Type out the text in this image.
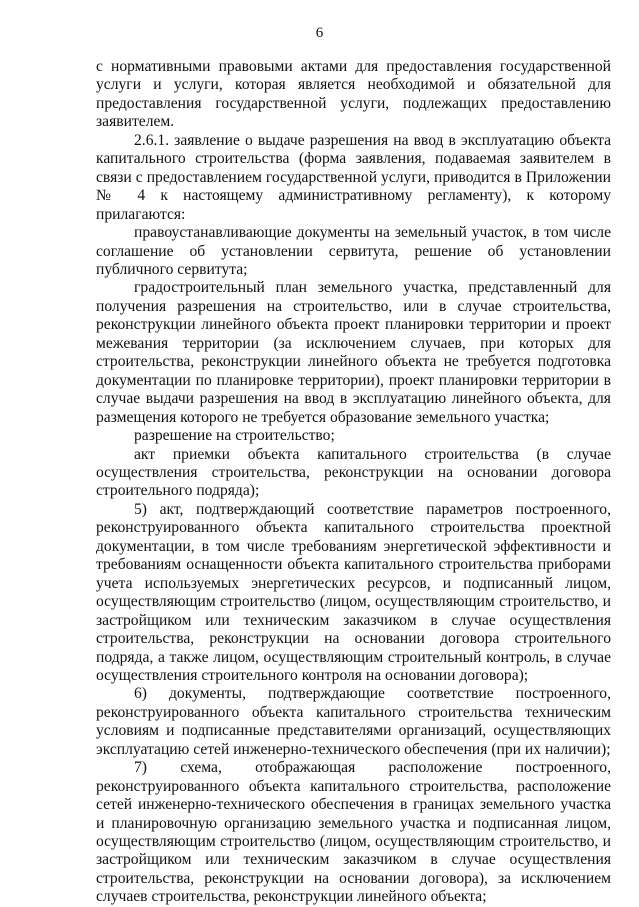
6

с нормативными правовыми актами для предоставления государственной услуги и услуги, которая является необходимой и обязательной для предоставления государственной услуги, подлежащих предоставлению заявителем.

2.6.1. заявление о выдаче разрешения на ввод в эксплуатацию объекта капитального строительства (форма заявления, подаваемая заявителем в связи с предоставлением государственной услуги, приводится в Приложении № 4 к настоящему административному регламенту), к которому прилагаются:

правоустанавливающие документы на земельный участок, в том числе соглашение об установлении сервитута, решение об установлении публичного сервитута;

градостроительный план земельного участка, представленный для получения разрешения на строительство, или в случае строительства, реконструкции линейного объекта проект планировки территории и проект межевания территории (за исключением случаев, при которых для строительства, реконструкции линейного объекта не требуется подготовка документации по планировке территории), проект планировки территории в случае выдачи разрешения на ввод в эксплуатацию линейного объекта, для размещения которого не требуется образование земельного участка;

разрешение на строительство;

акт приемки объекта капитального строительства (в случае осуществления строительства, реконструкции на основании договора строительного подряда);

5) акт, подтверждающий соответствие параметров построенного, реконструированного объекта капитального строительства проектной документации, в том числе требованиям энергетической эффективности и требованиям оснащенности объекта капитального строительства приборами учета используемых энергетических ресурсов, и подписанный лицом, осуществляющим строительство (лицом, осуществляющим строительство, и застройщиком или техническим заказчиком в случае осуществления строительства, реконструкции на основании договора строительного подряда, а также лицом, осуществляющим строительный контроль, в случае осуществления строительного контроля на основании договора);

6) документы, подтверждающие соответствие построенного, реконструированного объекта капитального строительства техническим условиям и подписанные представителями организаций, осуществляющих эксплуатацию сетей инженерно-технического обеспечения (при их наличии);

7) схема, отображающая расположение построенного, реконструированного объекта капитального строительства, расположение сетей инженерно-технического обеспечения в границах земельного участка и планировочную организацию земельного участка и подписанная лицом, осуществляющим строительство (лицом, осуществляющим строительство, и застройщиком или техническим заказчиком в случае осуществления строительства, реконструкции на основании договора), за исключением случаев строительства, реконструкции линейного объекта;
